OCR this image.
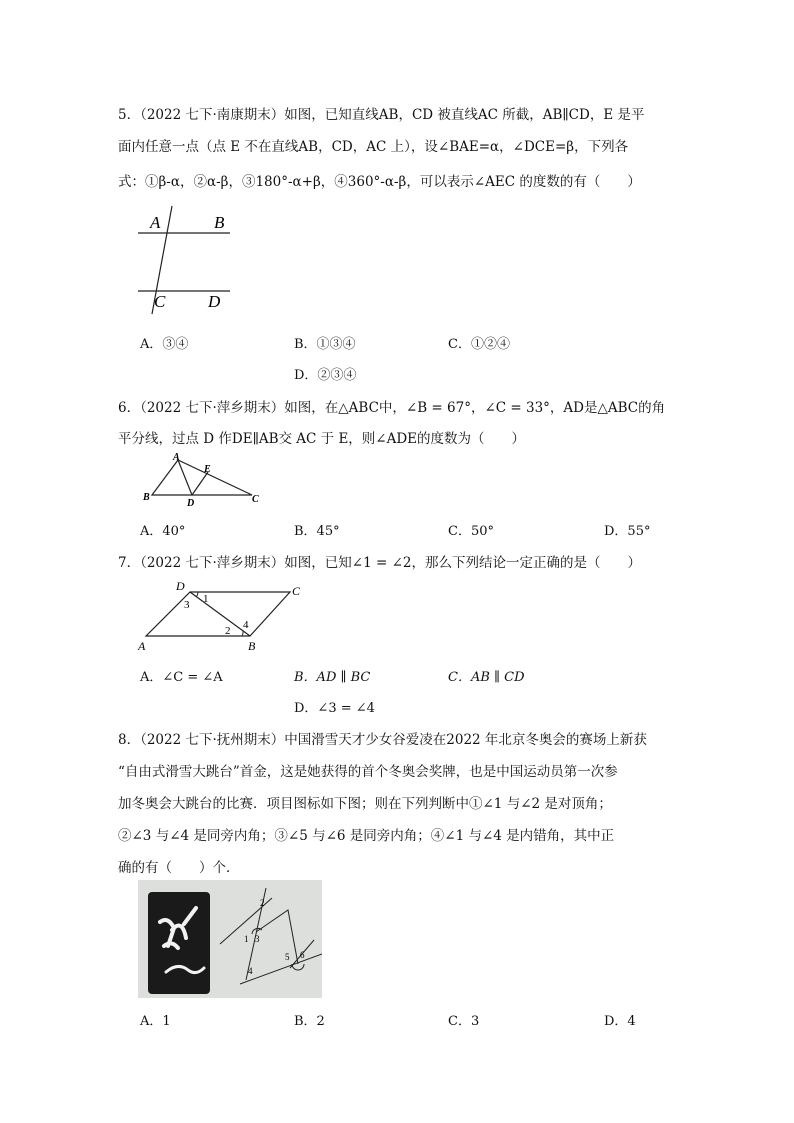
5．（2022 七下·南康期末）如图，已知直线AB，CD 被直线AC 所截，AB∥CD，E 是平
面内任意一点（点 E 不在直线AB，CD，AC 上），设∠BAE=α，∠DCE=β，下列各
式：①β-α，②α-β，③180°-α+β，④360°-α-β，可以表示∠AEC 的度数的有（　　）
A	B
C	D
A．③④	B．①③④	C．①②④
D．②③④
6．（2022 七下·萍乡期末）如图，在△ABC中，∠B = 67°，∠C = 33°，AD是△ABC的角
平分线，过点 D 作DE∥AB交 AC 于 E，则∠ADE的度数为（　　）
A
B	C
D
E
A．40°	B．45°	C．50°	D．55°
7．（2022 七下·萍乡期末）如图，已知∠1 = ∠2，那么下列结论一定正确的是（　　）
A	B
C
D
1
2
3
4
A．∠C = ∠A	B．AD ∥ BC	C．AB ∥ CD
D．∠3 = ∠4
8．（2022 七下·抚州期末）中国滑雪天才少女谷爱凌在2022 年北京冬奥会的赛场上新获
“自由式滑雪大跳台”首金，这是她获得的首个冬奥会奖牌，也是中国运动员第一次参
加冬奥会大跳台的比赛．项目图标如下图；则在下列判断中①∠1 与∠2 是对顶角；
②∠3 与∠4 是同旁内角；③∠5 与∠6 是同旁内角；④∠1 与∠4 是内错角，其中正
确的有（　　）个．
1
2
3
4
5 6
A．1	B．2	C．3	D．4
